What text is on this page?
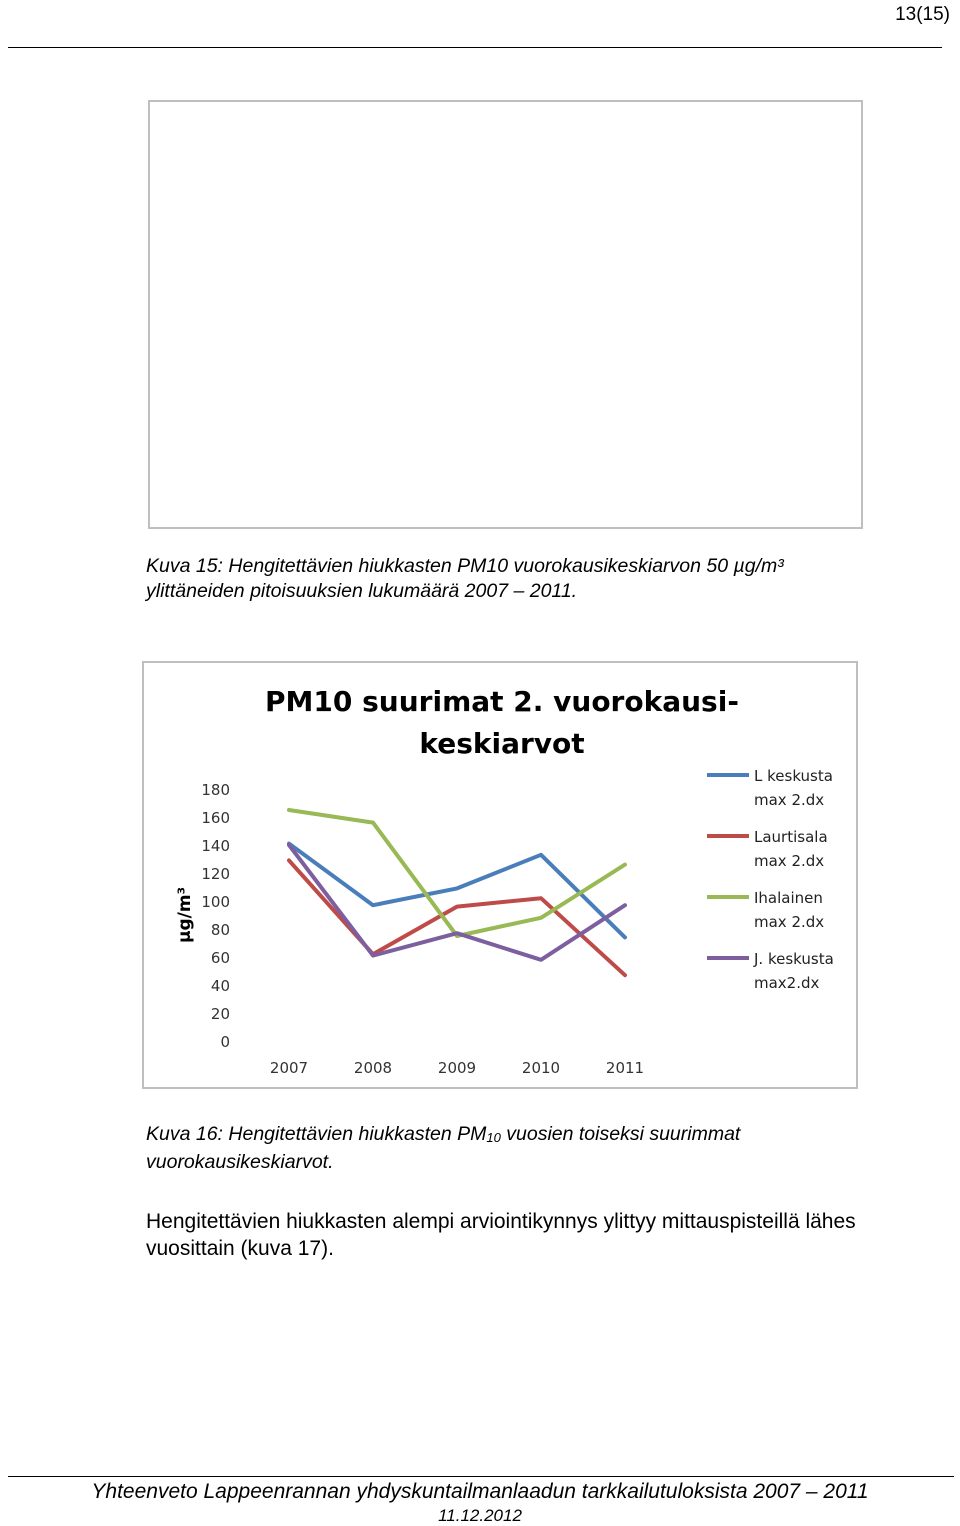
13(15)
Kuva 15: Hengitettävien hiukkasten PM10 vuorokausikeskiarvon 50 µg/m³
ylittäneiden pitoisuuksien lukumäärä 2007 – 2011.
PM10 suurimat 2. vuorokausi-
keskiarvot
µg/m³
0
20
40
60
80
100
120
140
160
180
2007	2008	2009	2010	2011
L keskusta
max 2.dx
Laurtisala
max 2.dx
Ihalainen
max 2.dx
J. keskusta
max2.dx
Kuva 16: Hengitettävien hiukkasten PM10 vuosien toiseksi suurimmat
vuorokausikeskiarvot.
Hengitettävien hiukkasten alempi arviointikynnys ylittyy mittauspisteillä lähes
vuosittain (kuva 17).
Yhteenveto Lappeenrannan yhdyskuntailmanlaadun tarkkailutuloksista 2007 – 2011
11.12.2012
